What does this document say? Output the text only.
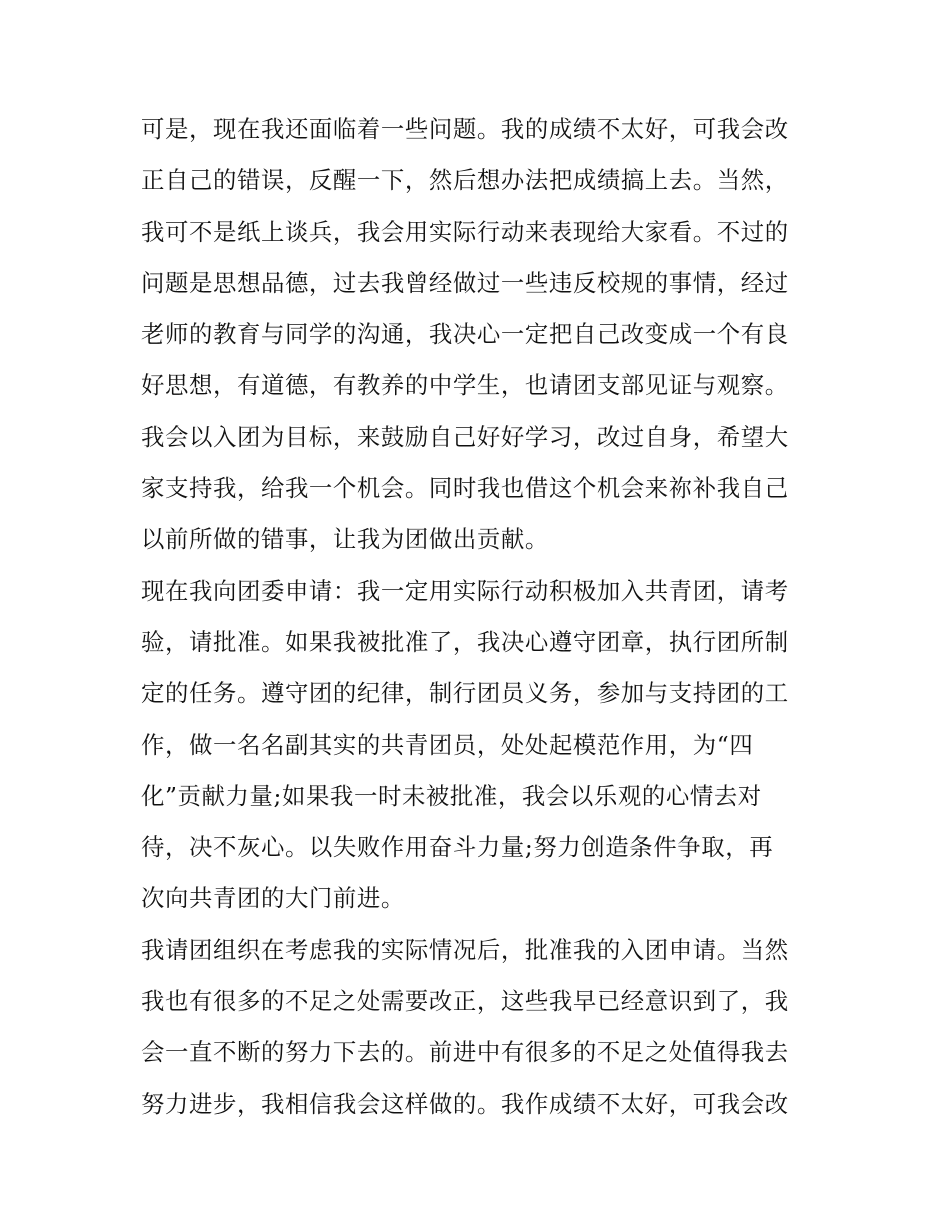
可是，现在我还面临着一些问题。我的成绩不太好，可我会改
正自己的错误，反醒一下，然后想办法把成绩搞上去。当然，
我可不是纸上谈兵，我会用实际行动来表现给大家看。不过的
问题是思想品德，过去我曾经做过一些违反校规的事情，经过
老师的教育与同学的沟通，我决心一定把自己改变成一个有良
好思想，有道德，有教养的中学生，也请团支部见证与观察。
我会以入团为目标，来鼓励自己好好学习，改过自身，希望大
家支持我，给我一个机会。同时我也借这个机会来祢补我自己
以前所做的错事，让我为团做出贡献。
现在我向团委申请：我一定用实际行动积极加入共青团，请考
验，请批准。如果我被批准了，我决心遵守团章，执行团所制
定的任务。遵守团的纪律，制行团员义务，参加与支持团的工
作，做一名名副其实的共青团员，处处起模范作用，为“四
化”贡献力量;如果我一时未被批准，我会以乐观的心情去对
待，决不灰心。以失败作用奋斗力量;努力创造条件争取，再
次向共青团的大门前进。
我请团组织在考虑我的实际情况后，批准我的入团申请。当然
我也有很多的不足之处需要改正，这些我早已经意识到了，我
会一直不断的努力下去的。前进中有很多的不足之处值得我去
努力进步，我相信我会这样做的。我作成绩不太好，可我会改
